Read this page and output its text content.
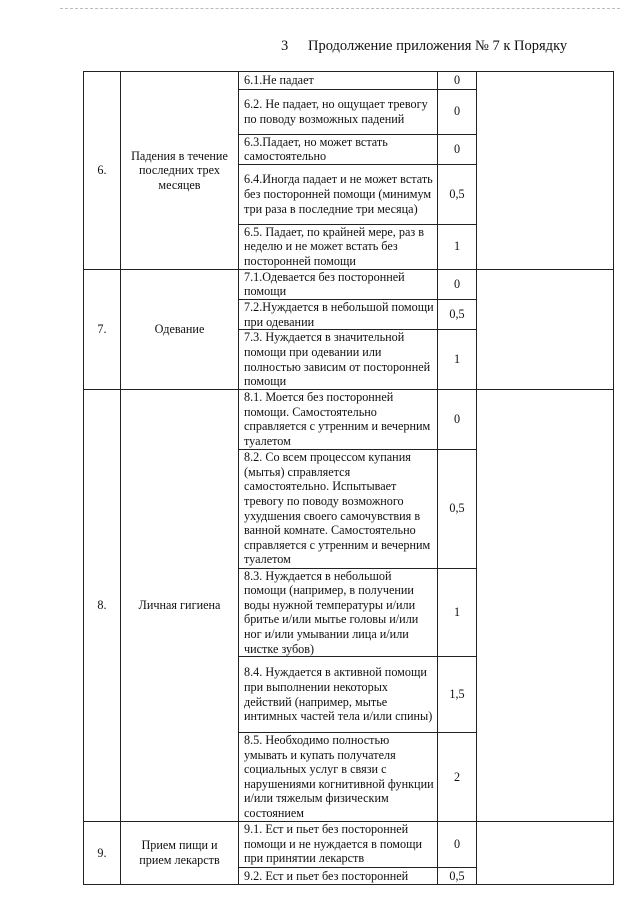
3 Продолжение приложения № 7 к Порядку
6.	Падения в течение последних трех месяцев	6.1.Не падает	0	
		6.2. Не падает, но ощущает тревогу по поводу возможных падений	0	
		6.3.Падает, но может встать самостоятельно	0	
		6.4.Иногда падает и не может встать без посторонней помощи (минимум три раза в последние три месяца)	0,5	
		6.5. Падает, по крайней мере, раз в неделю и не может встать без посторонней помощи	1	
7.	Одевание	7.1.Одевается без посторонней помощи	0	
		7.2.Нуждается в небольшой помощи при одевании	0,5	
		7.3. Нуждается в значительной помощи при одевании или полностью зависим от посторонней помощи	1	
8.	Личная гигиена	8.1. Моется без посторонней помощи. Самостоятельно справляется с утренним и вечерним туалетом	0	
		8.2. Со всем процессом купания (мытья) справляется самостоятельно. Испытывает тревогу по поводу возможного ухудшения своего самочувствия в ванной комнате. Самостоятельно справляется с утренним и вечерним туалетом	0,5	
		8.3. Нуждается в небольшой помощи (например, в получении воды нужной температуры и/или бритье и/или мытье головы и/или ног и/или умывании лица и/или чистке зубов)	1	
		8.4. Нуждается в активной помощи при выполнении некоторых действий (например, мытье интимных частей тела и/или спины)	1,5	
		8.5. Необходимо полностью умывать и купать получателя социальных услуг в связи с нарушениями когнитивной функции и/или тяжелым физическим состоянием	2	
9.	Прием пищи и прием лекарств	9.1. Ест и пьет без посторонней помощи и не нуждается в помощи при принятии лекарств	0	
		9.2. Ест и пьет без посторонней	0,5	
